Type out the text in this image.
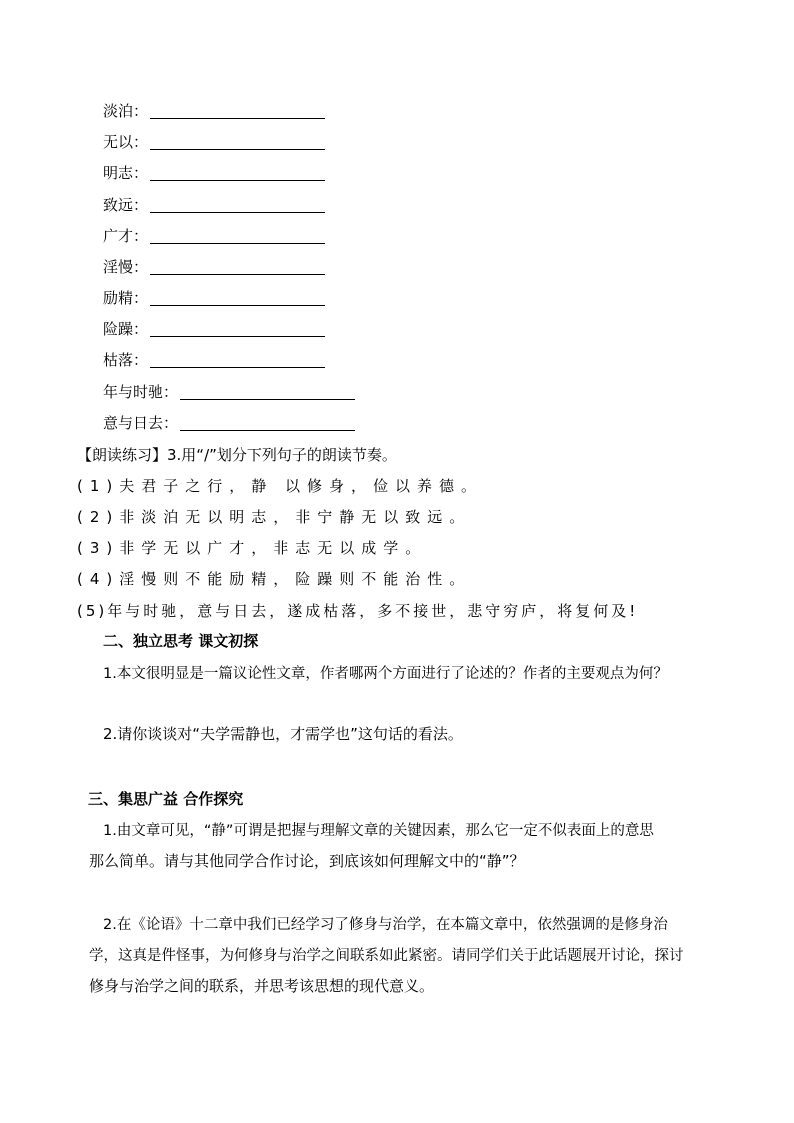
淡泊：
无以：
明志：
致远：
广才：
淫慢：
励精：
险躁：
枯落：
年与时驰：
意与日去：
【朗读练习】3.用“/”划分下列句子的朗读节奏。
(1)夫君子之行，静 以修身，俭以养德。
(2)非淡泊无以明志，非宁静无以致远。
(3)非学无以广才，非志无以成学。
(4)淫慢则不能励精，险躁则不能治性。
(5)年与时驰，意与日去，遂成枯落，多不接世，悲守穷庐，将复何及!
二、独立思考 课文初探
1.本文很明显是一篇议论性文章，作者哪两个方面进行了论述的？作者的主要观点为何？
2.请你谈谈对“夫学需静也，才需学也”这句话的看法。
三、集思广益 合作探究
1.由文章可见，“静”可谓是把握与理解文章的关键因素，那么它一定不似表面上的意思
那么简单。请与其他同学合作讨论，到底该如何理解文中的“静”？
2.在《论语》十二章中我们已经学习了修身与治学，在本篇文章中，依然强调的是修身治
学，这真是件怪事，为何修身与治学之间联系如此紧密。请同学们关于此话题展开讨论，探讨
修身与治学之间的联系，并思考该思想的现代意义。
